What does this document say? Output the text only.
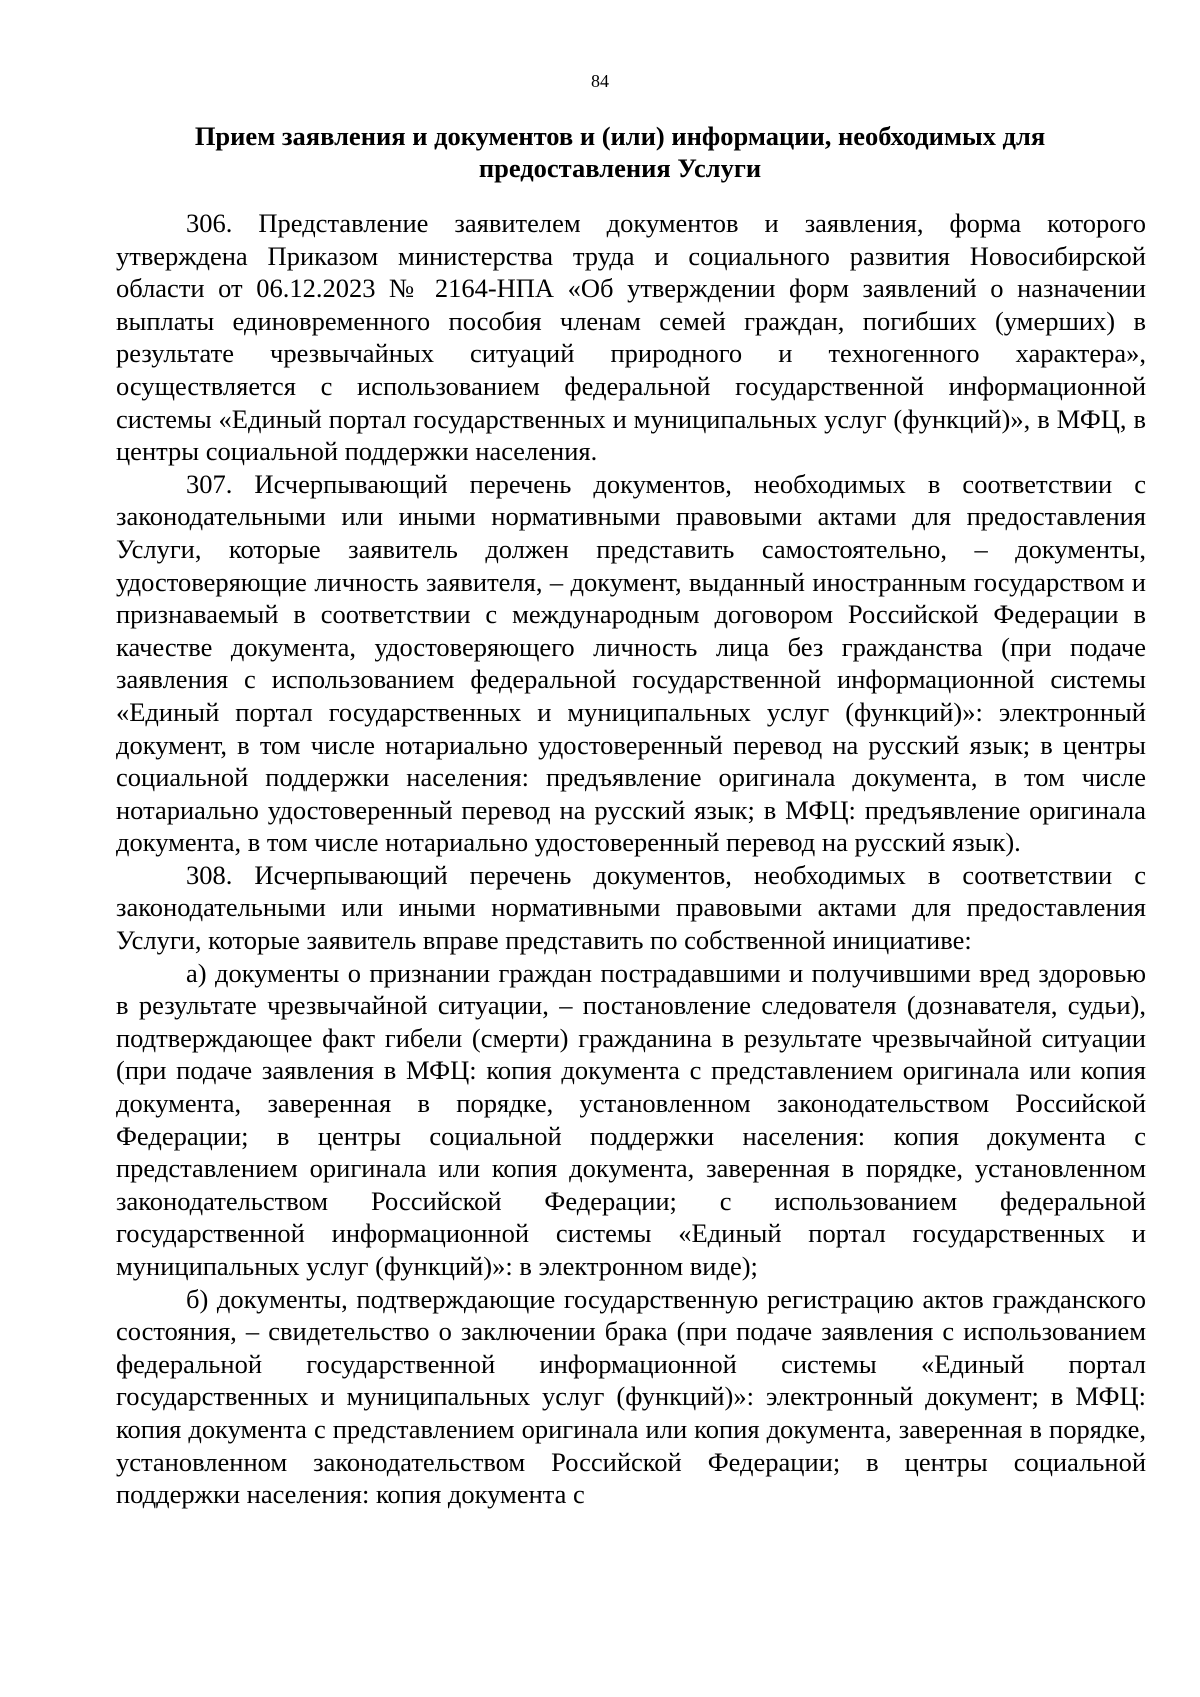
84
Прием заявления и документов и (или) информации, необходимых для
предоставления Услуги

306. Представление заявителем документов и заявления, форма которого утверждена Приказом министерства труда и социального развития Новосибирской области от 06.12.2023 № 2164-НПА «Об утверждении форм заявлений о назначении выплаты единовременного пособия членам семей граждан, погибших (умерших) в результате чрезвычайных ситуаций природного и техногенного характера», осуществляется с использованием федеральной государственной информационной системы «Единый портал государственных и муниципальных услуг (функций)», в МФЦ, в центры социальной поддержки населения.

307. Исчерпывающий перечень документов, необходимых в соответствии с законодательными или иными нормативными правовыми актами для предоставления Услуги, которые заявитель должен представить самостоятельно, – документы, удостоверяющие личность заявителя, – документ, выданный иностранным государством и признаваемый в соответствии с международным договором Российской Федерации в качестве документа, удостоверяющего личность лица без гражданства (при подаче заявления с использованием федеральной государственной информационной системы «Единый портал государственных и муниципальных услуг (функций)»: электронный документ, в том числе нотариально удостоверенный перевод на русский язык; в центры социальной поддержки населения: предъявление оригинала документа, в том числе нотариально удостоверенный перевод на русский язык; в МФЦ: предъявление оригинала документа, в том числе нотариально удостоверенный перевод на русский язык).

308. Исчерпывающий перечень документов, необходимых в соответствии с законодательными или иными нормативными правовыми актами для предоставления Услуги, которые заявитель вправе представить по собственной инициативе:

а) документы о признании граждан пострадавшими и получившими вред здоровью в результате чрезвычайной ситуации, – постановление следователя (дознавателя, судьи), подтверждающее факт гибели (смерти) гражданина в результате чрезвычайной ситуации (при подаче заявления в МФЦ: копия документа с представлением оригинала или копия документа, заверенная в порядке, установленном законодательством Российской Федерации; в центры социальной поддержки населения: копия документа с представлением оригинала или копия документа, заверенная в порядке, установленном законодательством Российской Федерации; с использованием федеральной государственной информационной системы «Единый портал государственных и муниципальных услуг (функций)»: в электронном виде);

б) документы, подтверждающие государственную регистрацию актов гражданского состояния, – свидетельство о заключении брака (при подаче заявления с использованием федеральной государственной информационной системы «Единый портал государственных и муниципальных услуг (функций)»: электронный документ; в МФЦ: копия документа с представлением оригинала или копия документа, заверенная в порядке, установленном законодательством Российской Федерации; в центры социальной поддержки населения: копия документа с
